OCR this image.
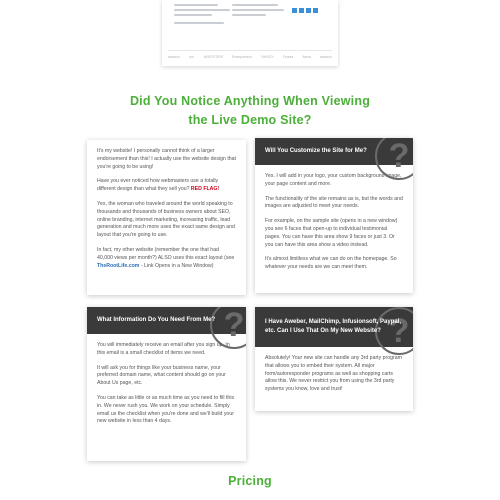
amazon	Inc.	INVESTORS	Entrepreneur	YAHOO!	Forbes	Alexa	amazon
Did You Notice Anything When Viewing
the Live Demo Site?

It's my website! I personally cannot think of a larger endorsement than this! I actually use the website design that you're going to be using!

Have you ever noticed how webmasters use a totally different design than what they sell you? RED FLAG!

Yes, the woman who traveled around the world speaking to thousands and thousands of business owners about SEO, online branding, internet marketing, increasing traffic, lead generation and much more uses the exact same design and layout that you're going to use.

In fact, my other website (remember the one that had 40,000 views per month?) ALSO uses this exact layout (see TheRootLife.com - Link Opens in a New Window)

Will You Customize the Site for Me? ?

Yes. I will add in your logo, your custom background image, your page content and more.

The functionality of the site remains as is, but the words and images are adjusted to meet your needs.

For example, on the sample site (opens in a new window) you see 6 faces that open-up to individual testimonial pages. You can have this area show 9 faces or just 3. Or you can have this area show a video instead.

It's almost limitless what we can do on the homepage. So whatever your needs are we can meet them.

What Information Do You Need From Me? ?

You will immediately receive an email after you sign up. In this email is a small checklist of items we need.

It will ask you for things like your business name, your preferred domain name, what content should go on your About Us page, etc.

You can take as little or as much time as you need to fill this in. We never rush you. We work on your schedule. Simply email us the checklist when you're done and we'll build your new website in less than 4 days.

I Have Aweber, MailChimp, Infusionsoft, Paypal, etc. Can I Use That On My New Website? ?

Absolutely! Your new site can handle any 3rd party program that allows you to embed their system. All major form/autoresponder programs as well as shopping carts allow this. We never restrict you from using the 3rd party systems you know, love and trust!

Pricing
